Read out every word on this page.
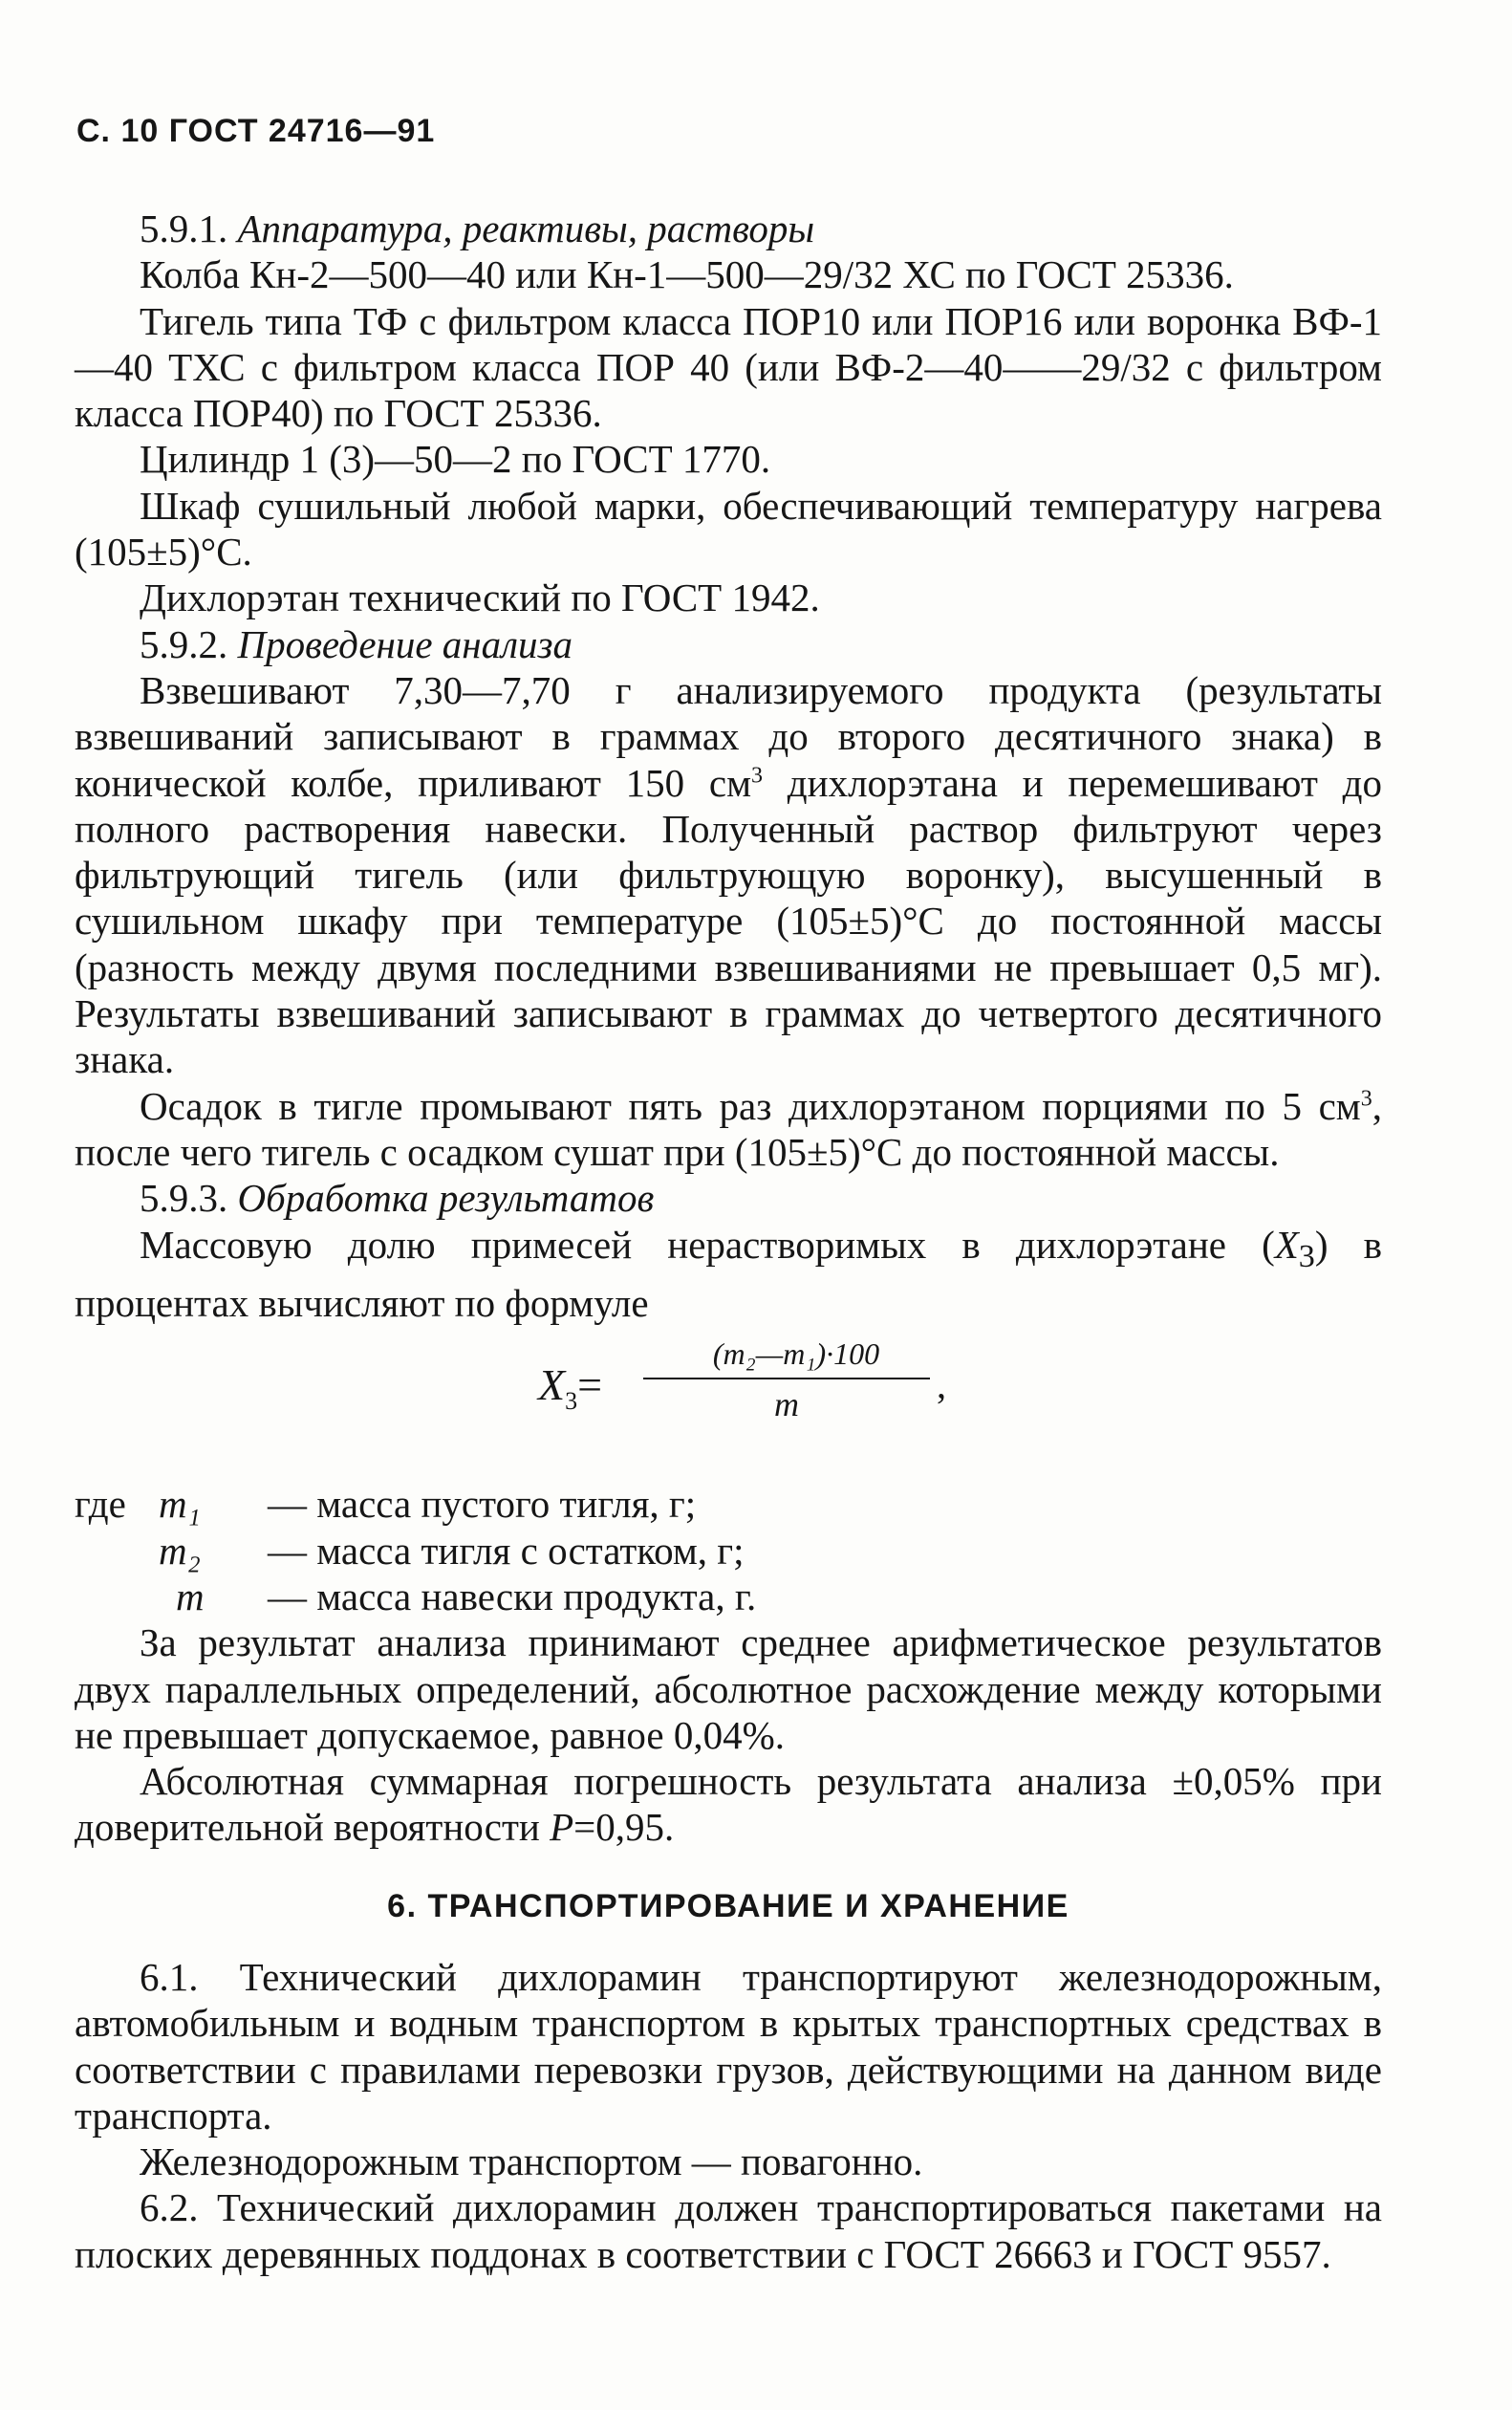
С. 10 ГОСТ 24716—91

5.9.1. Аппаратура, реактивы, растворы

Колба Кн-2—500—40 или Кн-1—500—29/32 ХС по ГОСТ 25336.

Тигель типа ТФ с фильтром класса ПОР10 или ПОР16 или воронка ВФ-1—40 ТХС с фильтром класса ПОР 40 (или ВФ-2—40——29/32 с фильтром класса ПОР40) по ГОСТ 25336.

Цилиндр 1 (3)—50—2 по ГОСТ 1770.

Шкаф сушильный любой марки, обеспечивающий температуру нагрева (105±5)°С.

Дихлорэтан технический по ГОСТ 1942.

5.9.2. Проведение анализа

Взвешивают 7,30—7,70 г анализируемого продукта (результаты взвешиваний записывают в граммах до второго десятичного знака) в конической колбе, приливают 150 $см^3$ дихлорэтана и перемешивают до полного растворения навески. Полученный раствор фильтруют через фильтрующий тигель (или фильтрующую воронку), высушенный в сушильном шкафу при температуре (105±5)°С до постоянной массы (разность между двумя последними взвешиваниями не превышает 0,5 мг). Результаты взвешиваний записывают в граммах до четвертого десятичного знака.

Осадок в тигле промывают пять раз дихлорэтаном порциями по 5 $см^3$, после чего тигель с осадком сушат при (105±5)°С до постоянной массы.

5.9.3. Обработка результатов

Массовую долю примесей нерастворимых в дихлорэтане $(X_3)$ в процентах вычисляют по формуле

$X_3=$
(m₂—m₁)·100
m	,
где m₁ — масса пустого тигля, г;
m₂ — масса тигля с остатком, г;
m — масса навески продукта, г.

За результат анализа принимают среднее арифметическое результатов двух параллельных определений, абсолютное расхождение между которыми не превышает допускаемое, равное 0,04%.

Абсолютная суммарная погрешность результата анализа ±0,05% при доверительной вероятности P=0,95.

6. ТРАНСПОРТИРОВАНИЕ И ХРАНЕНИЕ

6.1. Технический дихлорамин транспортируют железнодорожным, автомобильным и водным транспортом в крытых транспортных средствах в соответствии с правилами перевозки грузов, действующими на данном виде транспорта.

Железнодорожным транспортом — повагонно.

6.2. Технический дихлорамин должен транспортироваться пакетами на плоских деревянных поддонах в соответствии с ГОСТ 26663 и ГОСТ 9557.
